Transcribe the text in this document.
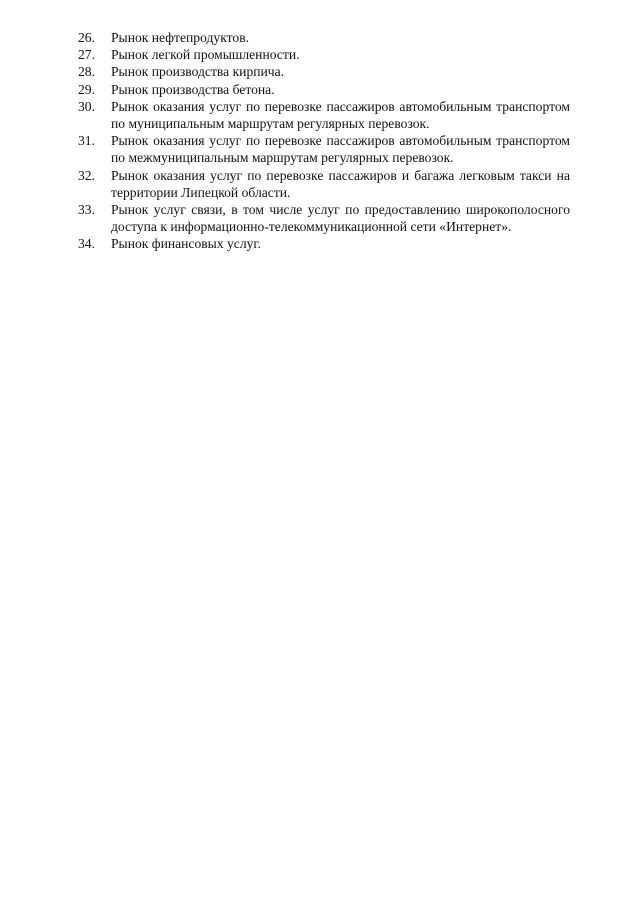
26.	Рынок нефтепродуктов.
27.	Рынок легкой промышленности.
28.	Рынок производства кирпича.
29.	Рынок производства бетона.
30.	Рынок оказания услуг по перевозке пассажиров автомобильным транспортом по муниципальным маршрутам регулярных перевозок.
31.	Рынок оказания услуг по перевозке пассажиров автомобильным транспортом по межмуниципальным маршрутам регулярных перевозок.
32.	Рынок оказания услуг по перевозке пассажиров и багажа легковым такси на территории Липецкой области.
33.	Рынок услуг связи, в том числе услуг по предоставлению широкополосного доступа к информационно-телекоммуникационной сети «Интернет».
34.	Рынок финансовых услуг.
